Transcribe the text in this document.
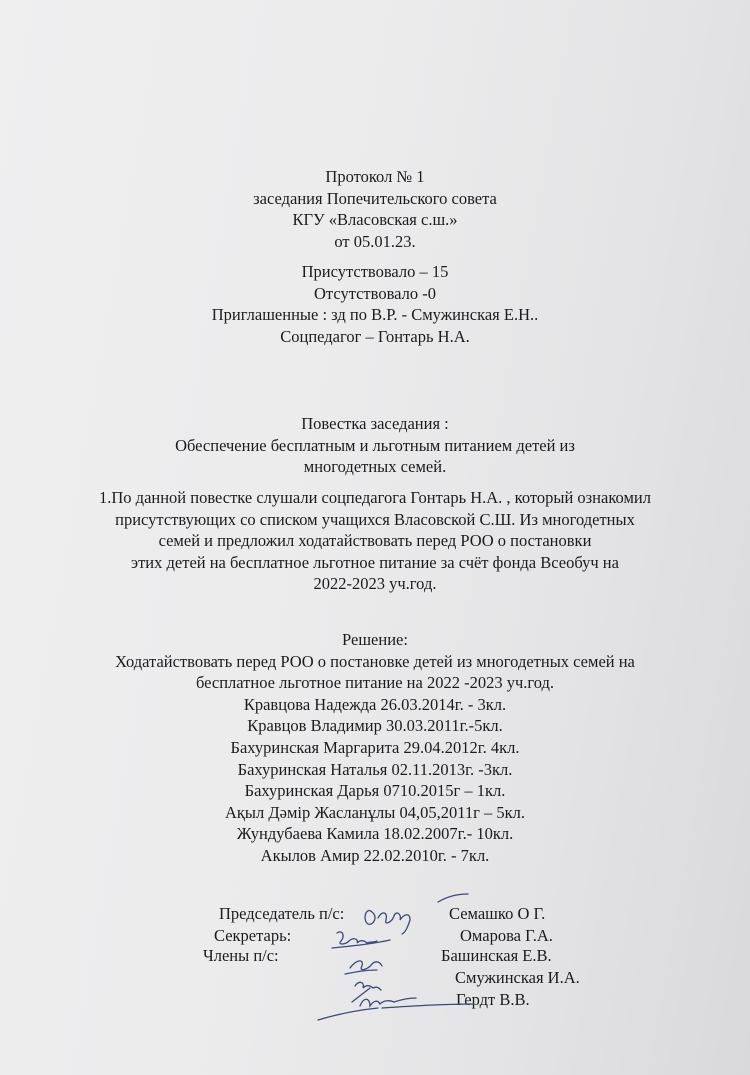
Протокол № 1
заседания Попечительского совета
КГУ «Власовская с.ш.»
от 05.01.23.
Присутствовало – 15
Отсутствовало -0
Приглашенные : зд по В.Р. - Смужинская Е.Н..
Соцпедагог – Гонтарь Н.А.
Повестка заседания :
Обеспечение бесплатным и льготным питанием детей из
многодетных семей.
1.По данной повестке слушали соцпедагога Гонтарь Н.А. , который ознакомил
присутствующих со списком учащихся Власовской С.Ш. Из многодетных
семей и предложил ходатайствовать перед РОО о постановки
этих детей на бесплатное льготное питание за счёт фонда Всеобуч на
2022-2023 уч.год.
Решение:
Ходатайствовать перед РОО о постановке детей из многодетных семей на
бесплатное льготное питание на 2022 -2023 уч.год.
Кравцова Надежда 26.03.2014г. - 3кл.
Кравцов Владимир 30.03.2011г.-5кл.
Бахуринская Маргарита 29.04.2012г. 4кл.
Бахуринская Наталья 02.11.2013г. -3кл.
Бахуринская Дарья 0710.2015г – 1кл.
Ақыл Дәмір Жасланұлы 04,05,2011г – 5кл.
Жундубаева Камила 18.02.2007г.- 10кл.
Акылов Амир 22.02.2010г. - 7кл.
Председатель п/с:	Семашко О Г.
Секретарь:	Омарова Г.А.
Члены п/с:	Башинская Е.В.
Смужинская И.А.
Гердт В.В.
